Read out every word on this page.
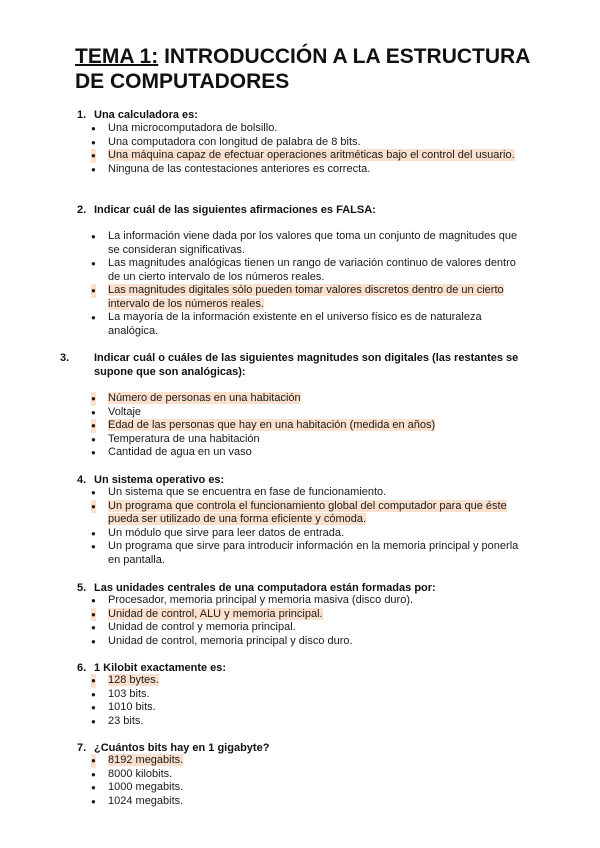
TEMA 1: INTRODUCCIÓN A LA ESTRUCTURA DE COMPUTADORES
1. Una calculadora es:
● Una microcomputadora de bolsillo.
● Una computadora con longitud de palabra de 8 bits.
● Una máquina capaz de efectuar operaciones aritméticas bajo el control del usuario.
● Ninguna de las contestaciones anteriores es correcta.
2. Indicar cuál de las siguientes afirmaciones es FALSA:
● La información viene dada por los valores que toma un conjunto de magnitudes que se consideran significativas.
● Las magnitudes analógicas tienen un rango de variación continuo de valores dentro de un cierto intervalo de los números reales.
● Las magnitudes digitales sólo pueden tomar valores discretos dentro de un cierto intervalo de los números reales.
● La mayoría de la información existente en el universo físico es de naturaleza analógica.
3. Indicar cuál o cuáles de las siguientes magnitudes son digitales (las restantes se supone que son analógicas):
● Número de personas en una habitación
● Voltaje
● Edad de las personas que hay en una habitación (medida en años)
● Temperatura de una habitación
● Cantidad de agua en un vaso
4. Un sistema operativo es:
● Un sistema que se encuentra en fase de funcionamiento.
● Un programa que controla el funcionamiento global del computador para que éste pueda ser utilizado de una forma eficiente y cómoda.
● Un módulo que sirve para leer datos de entrada.
● Un programa que sirve para introducir información en la memoria principal y ponerla en pantalla.
5. Las unidades centrales de una computadora están formadas por:
● Procesador, memoria principal y memoria masiva (disco duro).
● Unidad de control, ALU y memoria principal.
● Unidad de control y memoria principal.
● Unidad de control, memoria principal y disco duro.
6. 1 Kilobit exactamente es:
● 128 bytes.
● 103 bits.
● 1010 bits.
● 23 bits.
7. ¿Cuántos bits hay en 1 gigabyte?
● 8192 megabits.
● 8000 kilobits.
● 1000 megabits.
● 1024 megabits.
